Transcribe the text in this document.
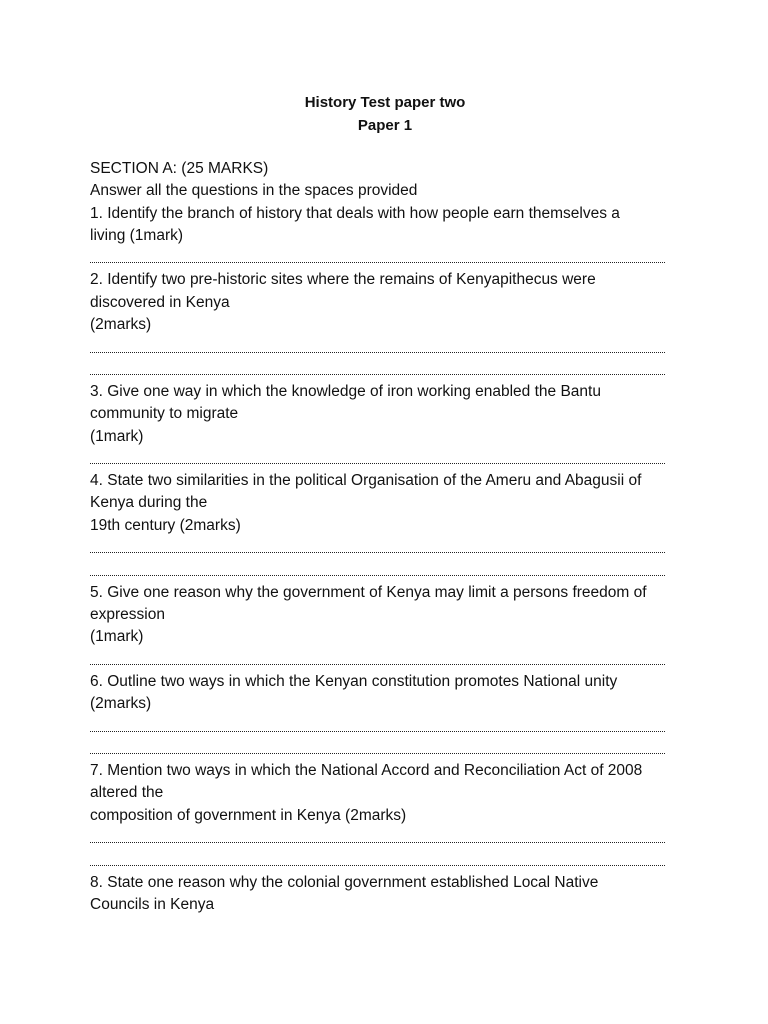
History Test paper two
Paper 1
SECTION A: (25 MARKS)
Answer all the questions in the spaces provided
1. Identify the branch of history that deals with how people earn themselves a
living (1mark)
2. Identify two pre-historic sites where the remains of Kenyapithecus were
discovered in Kenya
(2marks)
3. Give one way in which the knowledge of iron working enabled the Bantu
community to migrate
(1mark)
4. State two similarities in the political Organisation of the Ameru and Abagusii of
Kenya during the
19th century (2marks)
5. Give one reason why the government of Kenya may limit a persons freedom of
expression
(1mark)
6. Outline two ways in which the Kenyan constitution promotes National unity
(2marks)
7. Mention two ways in which the National Accord and Reconciliation Act of 2008
altered the
composition of government in Kenya (2marks)
8. State one reason why the colonial government established Local Native
Councils in Kenya
